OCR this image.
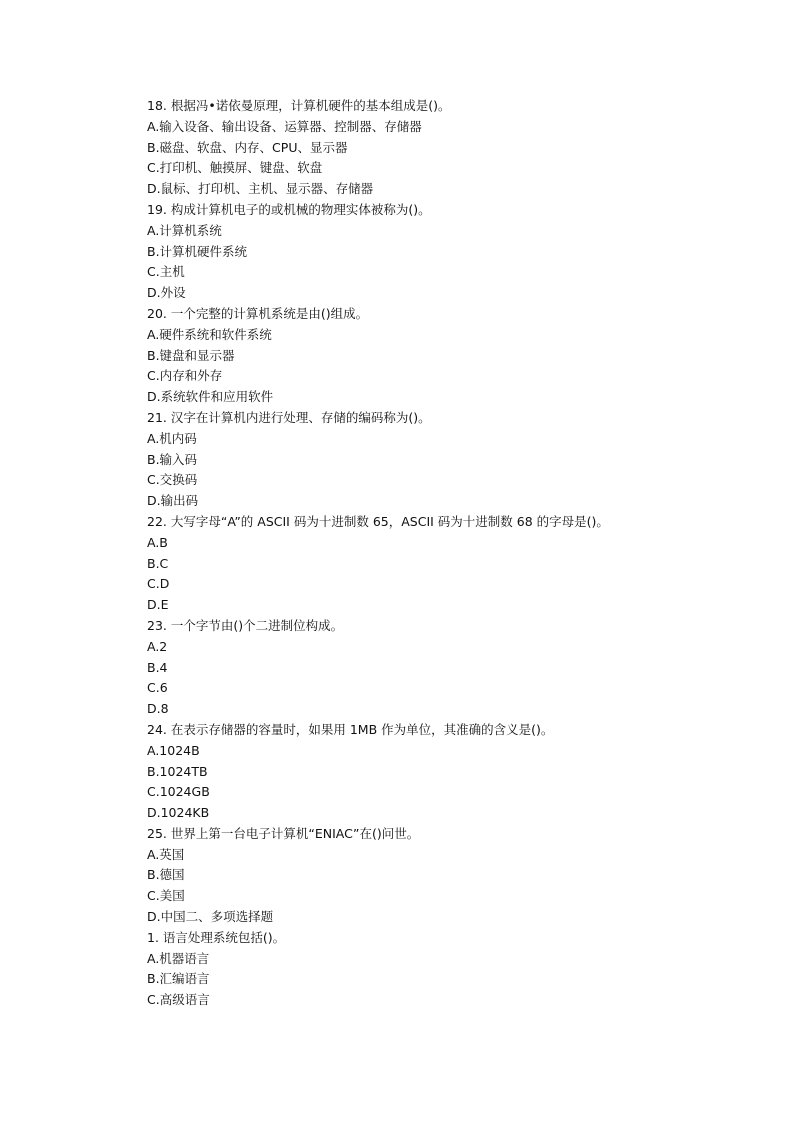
18. 根据冯•诺依曼原理，计算机硬件的基本组成是()。
A.输入设备、输出设备、运算器、控制器、存储器
B.磁盘、软盘、内存、CPU、显示器
C.打印机、触摸屏、键盘、软盘
D.鼠标、打印机、主机、显示器、存储器
19. 构成计算机电子的或机械的物理实体被称为()。
A.计算机系统
B.计算机硬件系统
C.主机
D.外设
20. 一个完整的计算机系统是由()组成。
A.硬件系统和软件系统
B.键盘和显示器
C.内存和外存
D.系统软件和应用软件
21. 汉字在计算机内进行处理、存储的编码称为()。
A.机内码
B.输入码
C.交换码
D.输出码
22. 大写字母“A”的 ASCII 码为十进制数 65，ASCII 码为十进制数 68 的字母是()。
A.B
B.C
C.D
D.E
23. 一个字节由()个二进制位构成。
A.2
B.4
C.6
D.8
24. 在表示存储器的容量时，如果用 1MB 作为单位，其准确的含义是()。
A.1024B
B.1024TB
C.1024GB
D.1024KB
25. 世界上第一台电子计算机“ENIAC”在()问世。
A.英国
B.德国
C.美国
D.中国二、多项选择题
1. 语言处理系统包括()。
A.机器语言
B.汇编语言
C.高级语言
